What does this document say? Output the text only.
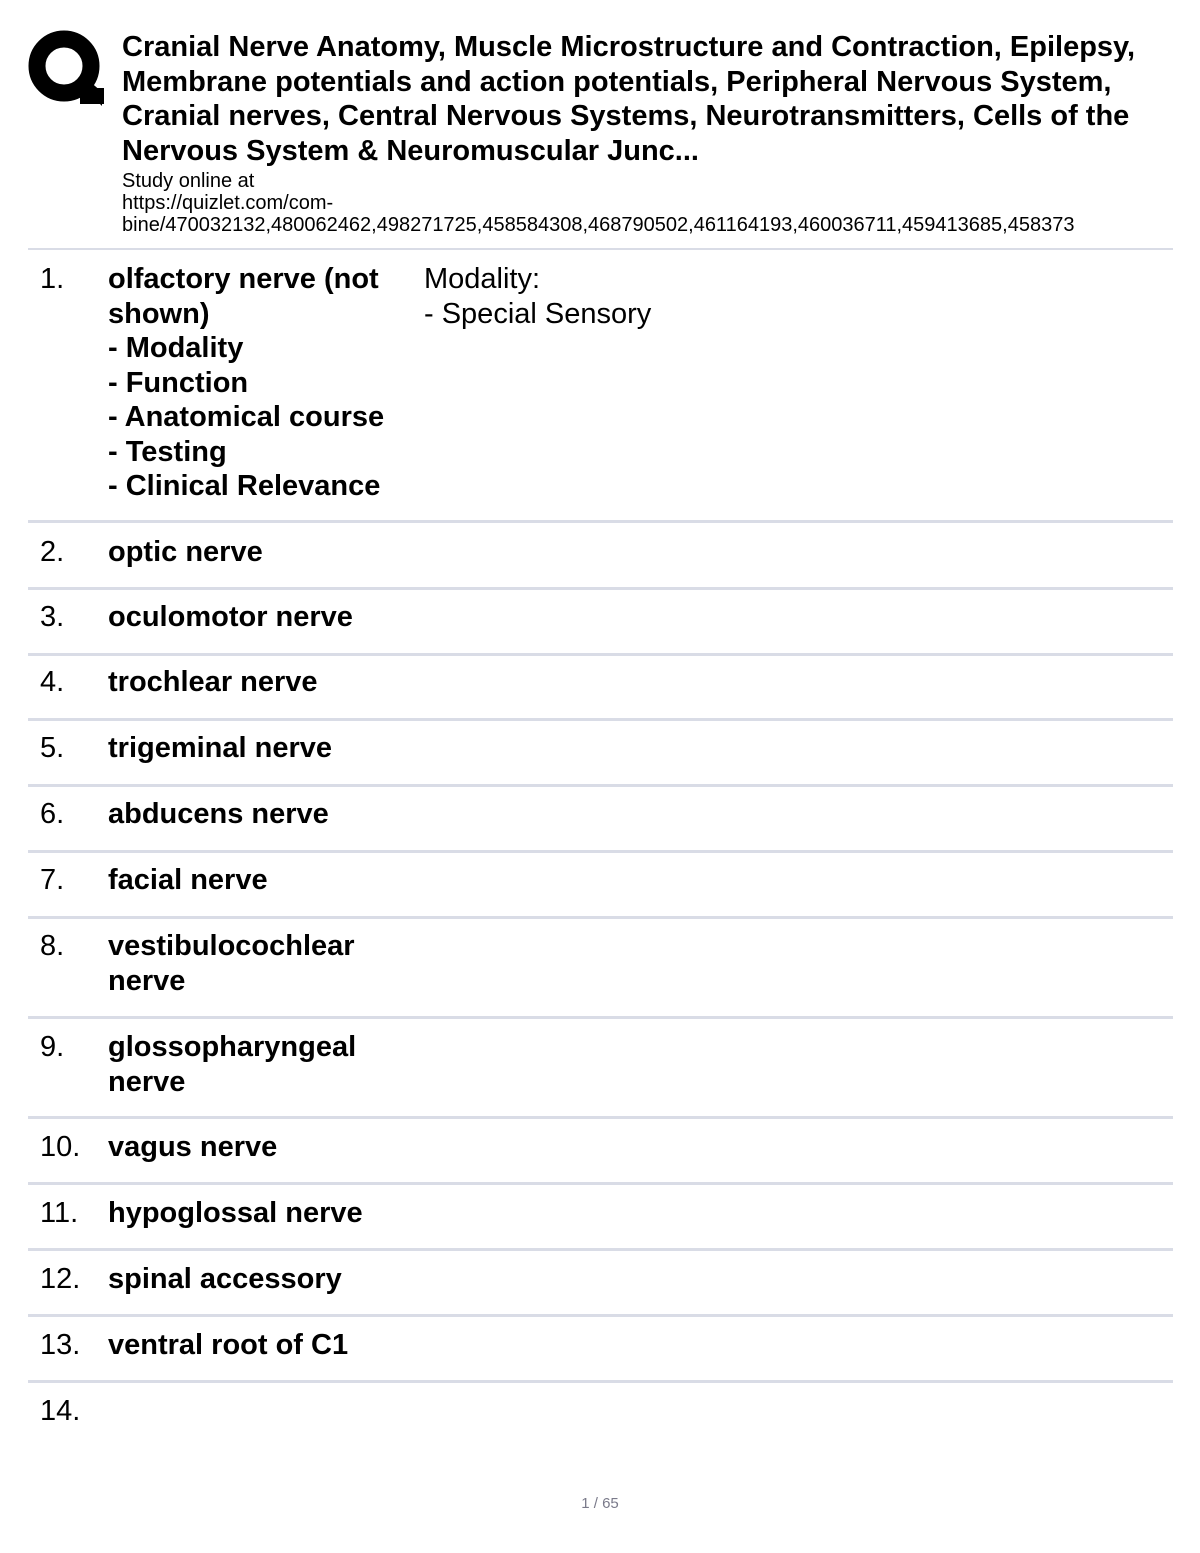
Cranial Nerve Anatomy, Muscle Microstructure and Contraction, Epilepsy,
Membrane potentials and action potentials, Peripheral Nervous System,
Cranial nerves, Central Nervous Systems, Neurotransmitters, Cells of the
Nervous System & Neuromuscular Junc...
Study online at
https://quizlet.com/com-
bine/470032132,480062462,498271725,458584308,468790502,461164193,460036711,459413685,458373
1. olfactory nerve (not
shown)
- Modality
- Function
- Anatomical course
- Testing
- Clinical Relevance
Modality:
- Special Sensory
2. optic nerve
3. oculomotor nerve
4. trochlear nerve
5. trigeminal nerve
6. abducens nerve
7. facial nerve
8. vestibulocochlear
nerve
9. glossopharyngeal
nerve
10. vagus nerve
11. hypoglossal nerve
12. spinal accessory
13. ventral root of C1
14.
1 / 65
